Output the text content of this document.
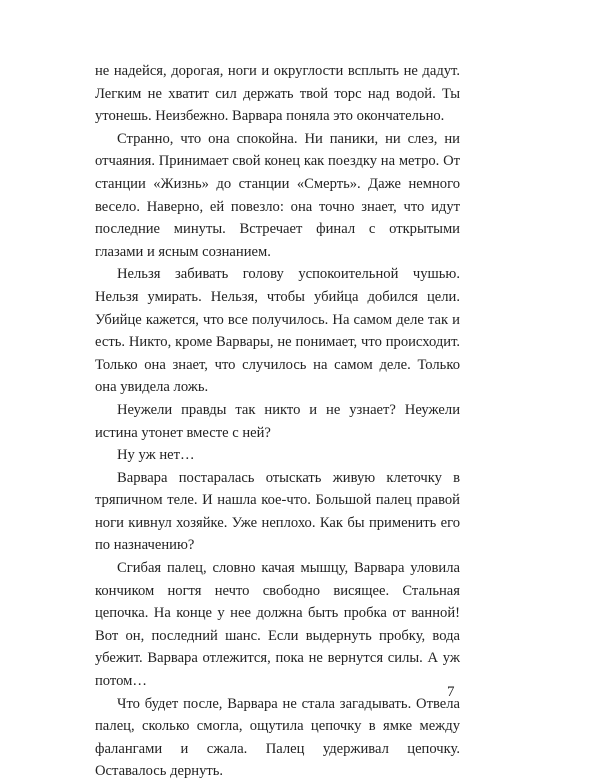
не надейся, дорогая, ноги и округлости всплыть не дадут. Легким не хватит сил держать твой торс над водой. Ты утонешь. Неизбежно. Варвара поняла это окончательно.

Странно, что она спокойна. Ни паники, ни слез, ни отчаяния. Принимает свой конец как поездку на метро. От станции «Жизнь» до станции «Смерть». Даже немного весело. Наверно, ей повезло: она точно знает, что идут последние минуты. Встречает финал с открытыми глазами и ясным сознанием.

Нельзя забивать голову успокоительной чушью. Нельзя умирать. Нельзя, чтобы убийца добился цели. Убийце кажется, что все получилось. На самом деле так и есть. Никто, кроме Варвары, не понимает, что происходит. Только она знает, что случилось на самом деле. Только она увидела ложь.

Неужели правды так никто и не узнает? Неужели истина утонет вместе с ней?

Ну уж нет…

Варвара постаралась отыскать живую клеточку в тряпичном теле. И нашла кое-что. Большой палец правой ноги кивнул хозяйке. Уже неплохо. Как бы применить его по назначению?

Сгибая палец, словно качая мышцу, Варвара уловила кончиком ногтя нечто свободно висящее. Стальная цепочка. На конце у нее должна быть пробка от ванной! Вот он, последний шанс. Если выдернуть пробку, вода убежит. Варвара отлежится, пока не вернутся силы. А уж потом…

Что будет после, Варвара не стала загадывать. Отвела палец, сколько смогла, ощутила цепочку в ямке между фалангами и сжала. Палец удерживал цепочку. Оставалось дернуть.

7
